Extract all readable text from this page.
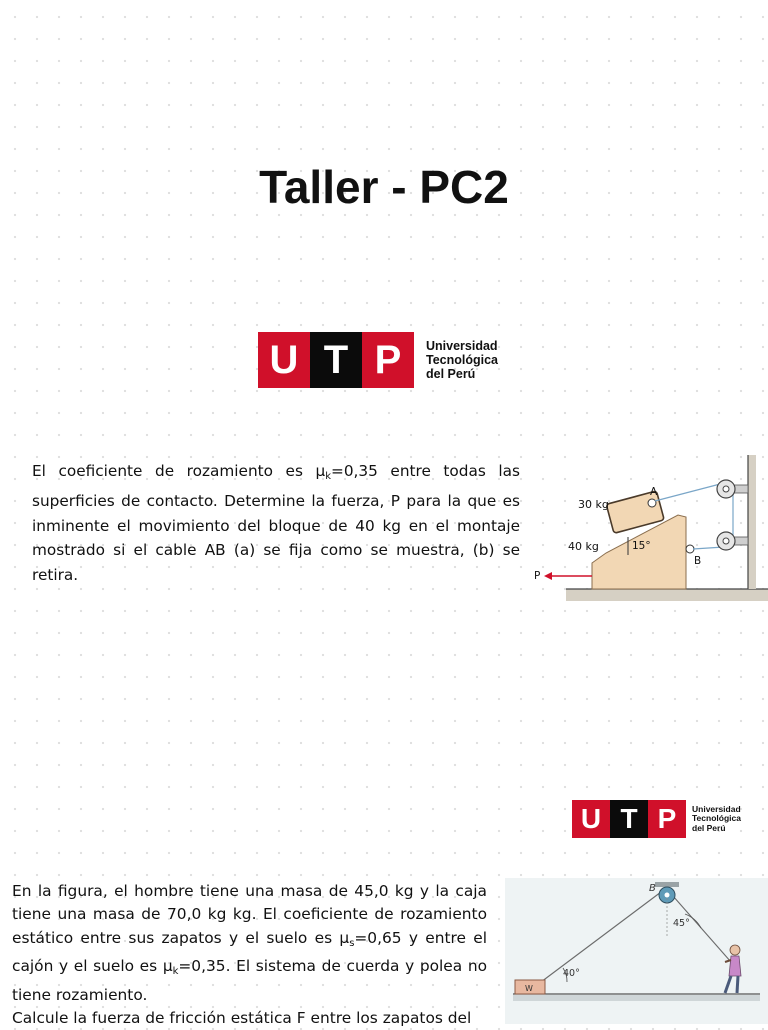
Taller - PC2
U T P	Universidad
Tecnológica
del Perú

El coeficiente de rozamiento es $\mu_k=0,35$ entre todas las superficies de contacto. Determine la fuerza, P para la que es inminente el movimiento del bloque de 40 kg en el montaje mostrado si el cable AB (a) se fija como se muestra, (b) se retira.

30 kg
40 kg	15°
A
B
P
U T P	Universidad
Tecnológica
del Perú

En la figura, el hombre tiene una masa de 45,0 kg y la caja tiene una masa de 70,0 kg kg. El coeficiente de rozamiento estático entre sus zapatos y el suelo es $\mu_s=0,65$ y entre el cajón y el suelo es $\mu_k=0,35$. El sistema de cuerda y polea no tiene rozamiento.
Calcule la fuerza de fricción estática F entre los zapatos del

B
45°
40°
W
